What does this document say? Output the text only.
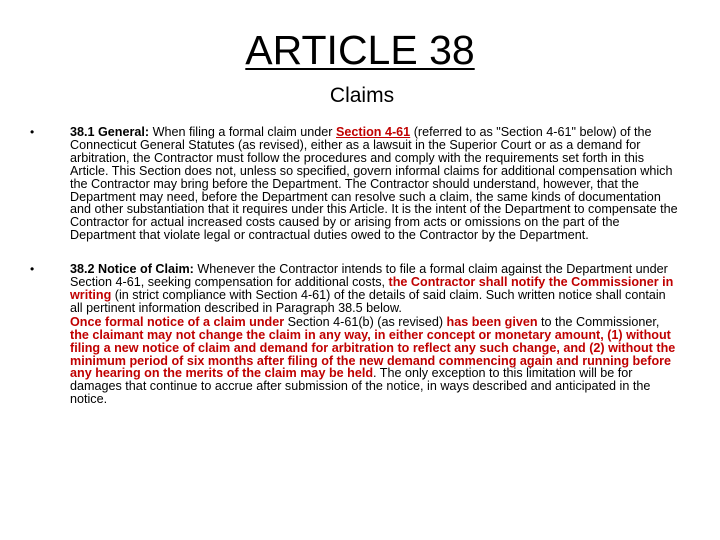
ARTICLE 38
Claims
•	38.1 General: When filing a formal claim under Section 4-61 (referred to as "Section 4-61" below) of the Connecticut General Statutes (as revised), either as a lawsuit in the Superior Court or as a demand for arbitration, the Contractor must follow the procedures and comply with the requirements set forth in this Article. This Section does not, unless so specified, govern informal claims for additional compensation which the Contractor may bring before the Department. The Contractor should understand, however, that the Department may need, before the Department can resolve such a claim, the same kinds of documentation and other substantiation that it requires under this Article. It is the intent of the Department to compensate the Contractor for actual increased costs caused by or arising from acts or omissions on the part of the Department that violate legal or contractual duties owed to the Contractor by the Department.
•	38.2 Notice of Claim: Whenever the Contractor intends to file a formal claim against the Department under Section 4-61, seeking compensation for additional costs, the Contractor shall notify the Commissioner in writing (in strict compliance with Section 4-61) of the details of said claim. Such written notice shall contain all pertinent information described in Paragraph 38.5 below.
Once formal notice of a claim under Section 4-61(b) (as revised) has been given to the Commissioner, the claimant may not change the claim in any way, in either concept or monetary amount, (1) without filing a new notice of claim and demand for arbitration to reflect any such change, and (2) without the minimum period of six months after filing of the new demand commencing again and running before any hearing on the merits of the claim may be held. The only exception to this limitation will be for damages that continue to accrue after submission of the notice, in ways described and anticipated in the notice.
